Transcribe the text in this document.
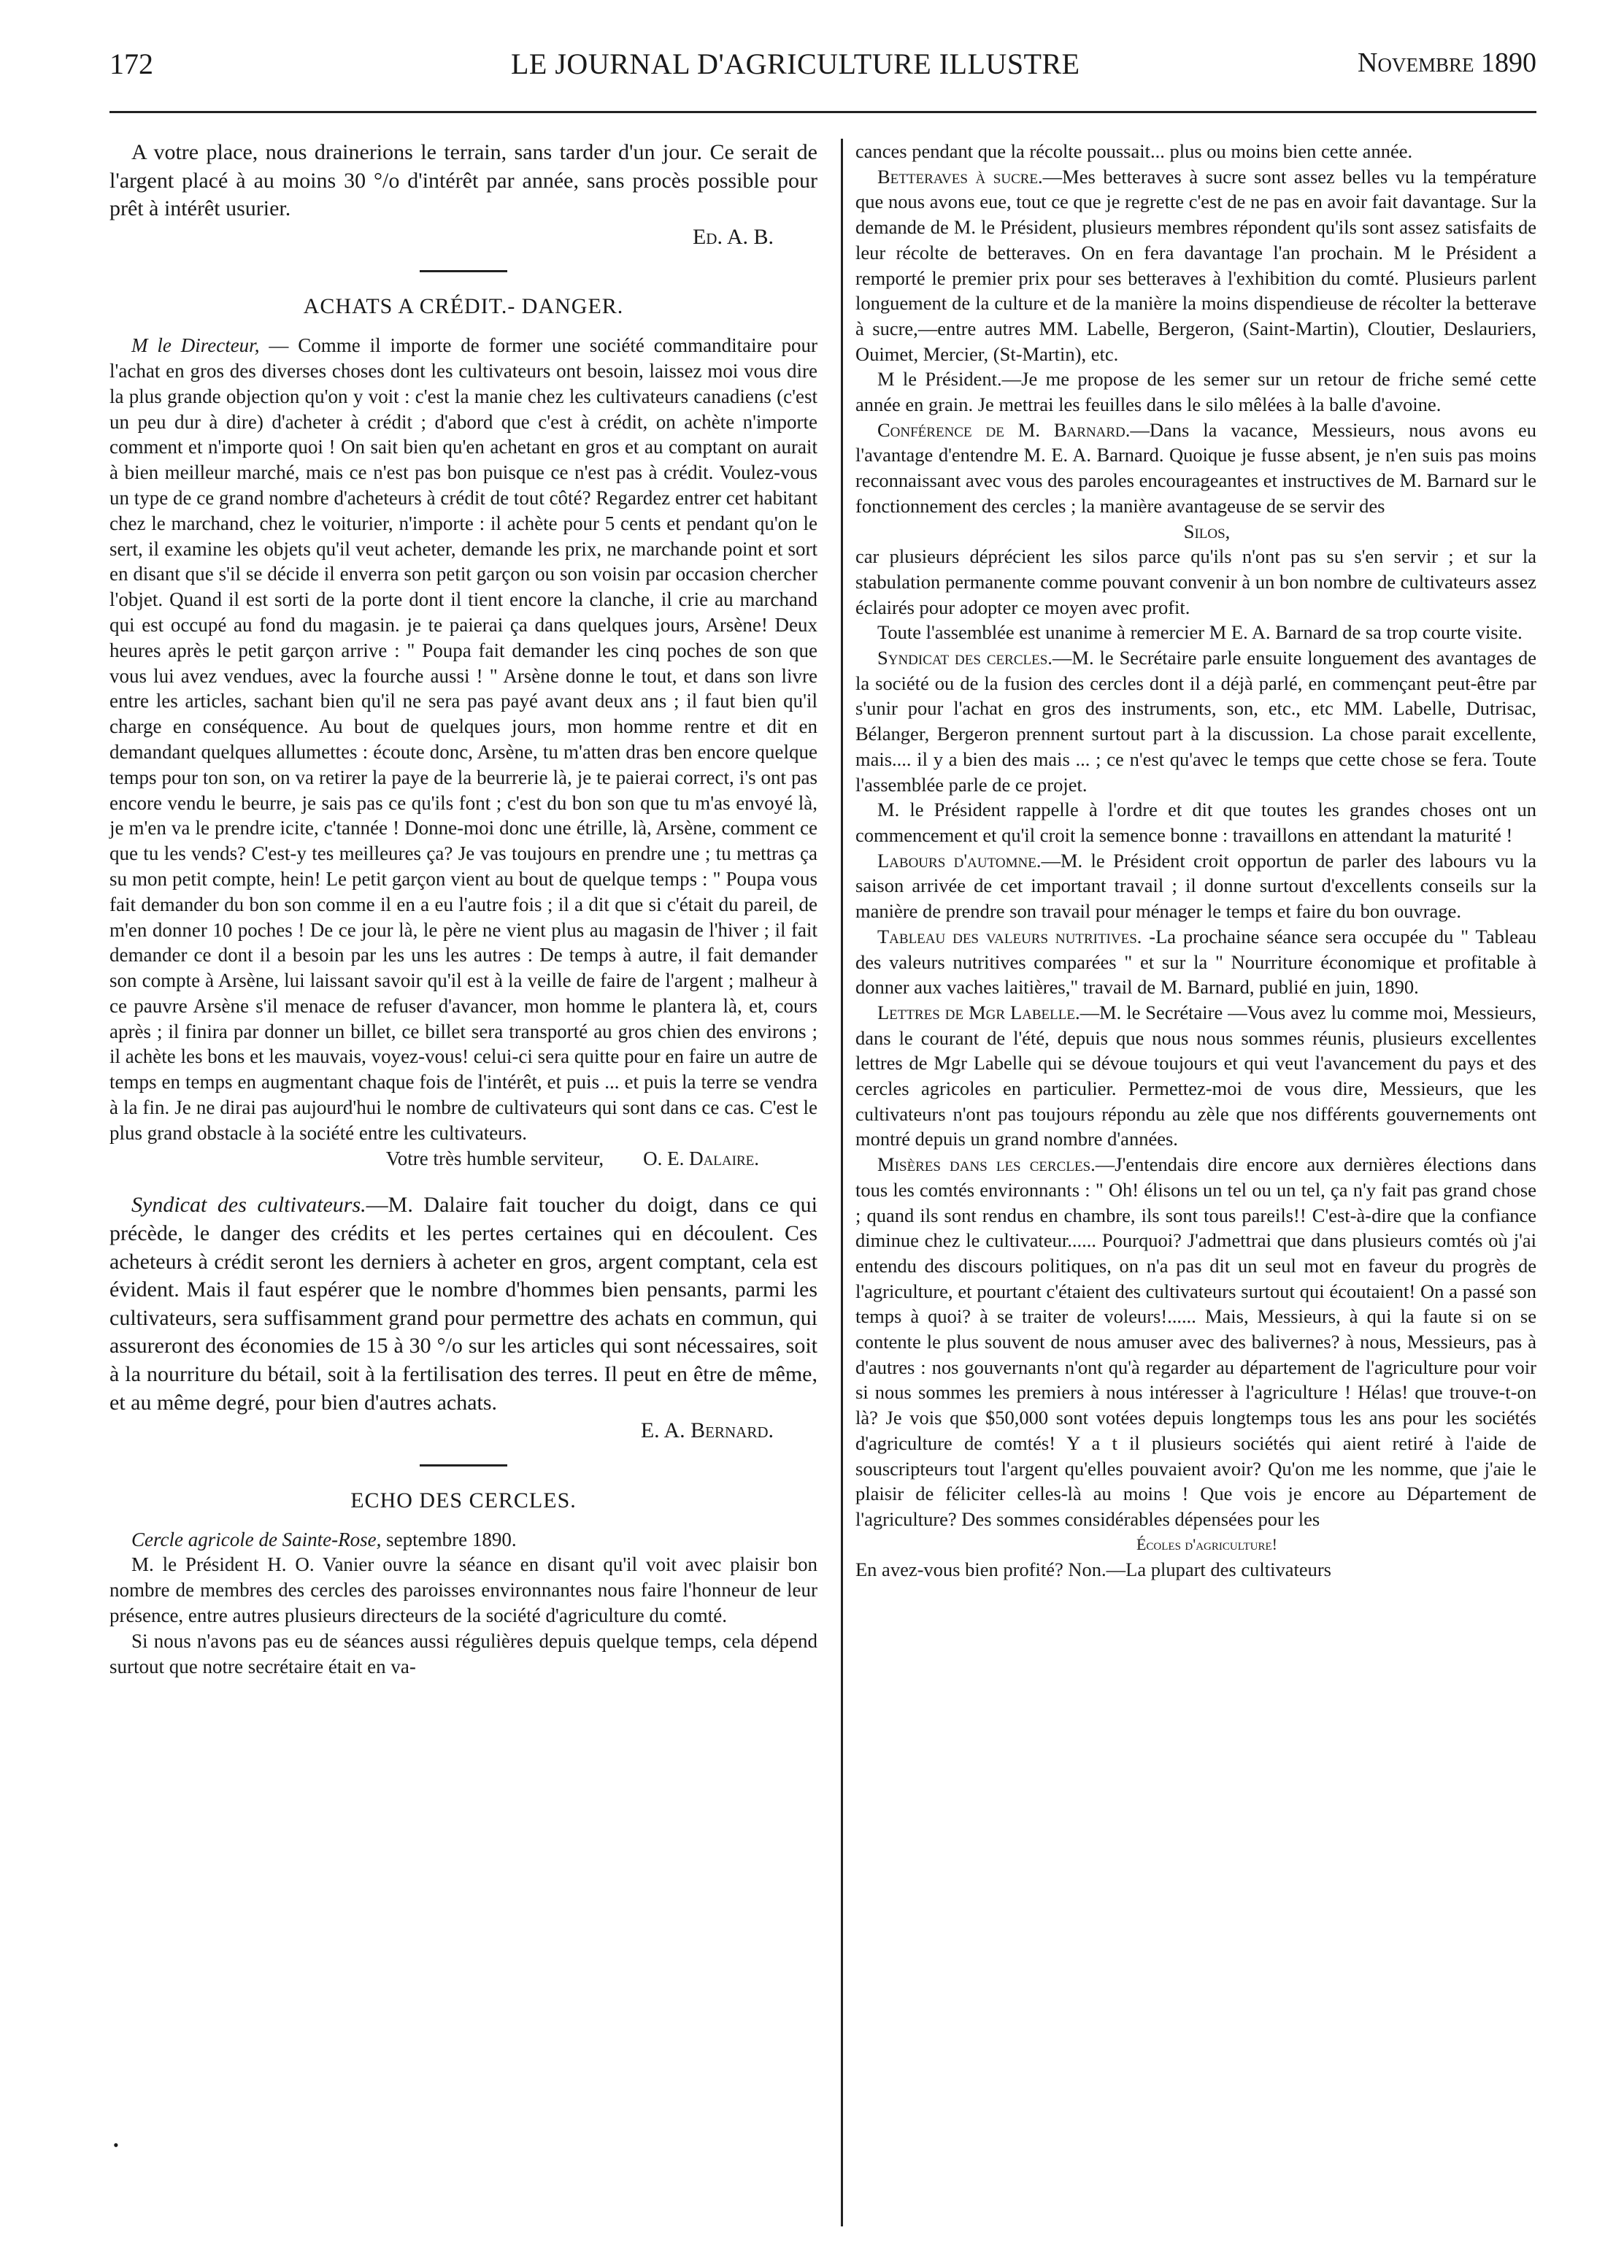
172	LE JOURNAL D'AGRICULTURE ILLUSTRE	Novembre 1890

A votre place, nous drainerions le terrain, sans tarder d'un jour. Ce serait de l'argent placé à au moins 30 °/o d'intérêt par année, sans procès possible pour prêt à intérêt usurier.

Ed. A. B.

ACHATS A CRÉDIT.- DANGER.

M le Directeur, — Comme il importe de former une société commanditaire pour l'achat en gros des diverses choses dont les cultivateurs ont besoin, laissez moi vous dire la plus grande objection qu'on y voit : c'est la manie chez les cultivateurs canadiens (c'est un peu dur à dire) d'acheter à crédit ; d'abord que c'est à crédit, on achète n'importe comment et n'importe quoi ! On sait bien qu'en achetant en gros et au comptant on aurait à bien meilleur marché, mais ce n'est pas bon puisque ce n'est pas à crédit. Voulez-vous un type de ce grand nombre d'acheteurs à crédit de tout côté? Regardez entrer cet habitant chez le marchand, chez le voiturier, n'importe : il achète pour 5 cents et pendant qu'on le sert, il examine les objets qu'il veut acheter, demande les prix, ne marchande point et sort en disant que s'il se décide il enverra son petit garçon ou son voisin par occasion chercher l'objet. Quand il est sorti de la porte dont il tient encore la clanche, il crie au marchand qui est occupé au fond du magasin. je te paierai ça dans quelques jours, Arsène! Deux heures après le petit garçon arrive : " Poupa fait demander les cinq poches de son que vous lui avez vendues, avec la fourche aussi ! " Arsène donne le tout, et dans son livre entre les articles, sachant bien qu'il ne sera pas payé avant deux ans ; il faut bien qu'il charge en conséquence. Au bout de quelques jours, mon homme rentre et dit en demandant quelques allumettes : écoute donc, Arsène, tu m'atten dras ben encore quelque temps pour ton son, on va retirer la paye de la beurrerie là, je te paierai correct, i's ont pas encore vendu le beurre, je sais pas ce qu'ils font ; c'est du bon son que tu m'as envoyé là, je m'en va le prendre icite, c'tannée ! Donne-moi donc une étrille, là, Arsène, comment ce que tu les vends? C'est-y tes meilleures ça? Je vas toujours en prendre une ; tu mettras ça su mon petit compte, hein! Le petit garçon vient au bout de quelque temps : " Poupa vous fait demander du bon son comme il en a eu l'autre fois ; il a dit que si c'était du pareil, de m'en donner 10 poches ! De ce jour là, le père ne vient plus au magasin de l'hiver ; il fait demander ce dont il a besoin par les uns les autres : De temps à autre, il fait demander son compte à Arsène, lui laissant savoir qu'il est à la veille de faire de l'argent ; malheur à ce pauvre Arsène s'il menace de refuser d'avancer, mon homme le plantera là, et, cours après ; il finira par donner un billet, ce billet sera transporté au gros chien des environs ; il achète les bons et les mauvais, voyez-vous! celui-ci sera quitte pour en faire un autre de temps en temps en augmentant chaque fois de l'intérêt, et puis ... et puis la terre se vendra à la fin. Je ne dirai pas aujourd'hui le nombre de cultivateurs qui sont dans ce cas. C'est le plus grand obstacle à la société entre les cultivateurs.

Votre très humble serviteur, O. E. Dalaire.

Syndicat des cultivateurs.—M. Dalaire fait toucher du doigt, dans ce qui précède, le danger des crédits et les pertes certaines qui en découlent. Ces acheteurs à crédit seront les derniers à acheter en gros, argent comptant, cela est évident. Mais il faut espérer que le nombre d'hommes bien pensants, parmi les cultivateurs, sera suffisamment grand pour permettre des achats en commun, qui assureront des économies de 15 à 30 °/o sur les articles qui sont nécessaires, soit à la nourriture du bétail, soit à la fertilisation des terres. Il peut en être de même, et au même degré, pour bien d'autres achats.

E. A. Bernard.

ECHO DES CERCLES.

Cercle agricole de Sainte-Rose, septembre 1890.

M. le Président H. O. Vanier ouvre la séance en disant qu'il voit avec plaisir bon nombre de membres des cercles des paroisses environnantes nous faire l'honneur de leur présence, entre autres plusieurs directeurs de la société d'agriculture du comté.

Si nous n'avons pas eu de séances aussi régulières depuis quelque temps, cela dépend surtout que notre secrétaire était en va-

cances pendant que la récolte poussait... plus ou moins bien cette année.

Betteraves à sucre.—Mes betteraves à sucre sont assez belles vu la température que nous avons eue, tout ce que je regrette c'est de ne pas en avoir fait davantage. Sur la demande de M. le Président, plusieurs membres répondent qu'ils sont assez satisfaits de leur récolte de betteraves. On en fera davantage l'an prochain. M le Président a remporté le premier prix pour ses betteraves à l'exhibition du comté. Plusieurs parlent longuement de la culture et de la manière la moins dispendieuse de récolter la betterave à sucre,—entre autres MM. Labelle, Bergeron, (Saint-Martin), Cloutier, Deslauriers, Ouimet, Mercier, (St-Martin), etc.

M le Président.—Je me propose de les semer sur un retour de friche semé cette année en grain. Je mettrai les feuilles dans le silo mêlées à la balle d'avoine.

Conférence de M. Barnard.—Dans la vacance, Messieurs, nous avons eu l'avantage d'entendre M. E. A. Barnard. Quoique je fusse absent, je n'en suis pas moins reconnaissant avec vous des paroles encourageantes et instructives de M. Barnard sur le fonctionnement des cercles ; la manière avantageuse de se servir des

Silos,

car plusieurs déprécient les silos parce qu'ils n'ont pas su s'en servir ; et sur la stabulation permanente comme pouvant convenir à un bon nombre de cultivateurs assez éclairés pour adopter ce moyen avec profit.

Toute l'assemblée est unanime à remercier M E. A. Barnard de sa trop courte visite.

Syndicat des cercles.—M. le Secrétaire parle ensuite longuement des avantages de la société ou de la fusion des cercles dont il a déjà parlé, en commençant peut-être par s'unir pour l'achat en gros des instruments, son, etc., etc MM. Labelle, Dutrisac, Bélanger, Bergeron prennent surtout part à la discussion. La chose parait excellente, mais.... il y a bien des mais ... ; ce n'est qu'avec le temps que cette chose se fera. Toute l'assemblée parle de ce projet.

M. le Président rappelle à l'ordre et dit que toutes les grandes choses ont un commencement et qu'il croit la semence bonne : travaillons en attendant la maturité !

Labours d'automne.—M. le Président croit opportun de parler des labours vu la saison arrivée de cet important travail ; il donne surtout d'excellents conseils sur la manière de prendre son travail pour ménager le temps et faire du bon ouvrage.

Tableau des valeurs nutritives. -La prochaine séance sera occupée du " Tableau des valeurs nutritives comparées " et sur la " Nourriture économique et profitable à donner aux vaches laitières," travail de M. Barnard, publié en juin, 1890.

Lettres de Mgr Labelle.—M. le Secrétaire —Vous avez lu comme moi, Messieurs, dans le courant de l'été, depuis que nous nous sommes réunis, plusieurs excellentes lettres de Mgr Labelle qui se dévoue toujours et qui veut l'avancement du pays et des cercles agricoles en particulier. Permettez-moi de vous dire, Messieurs, que les cultivateurs n'ont pas toujours répondu au zèle que nos différents gouvernements ont montré depuis un grand nombre d'années.

Misères dans les cercles.—J'entendais dire encore aux dernières élections dans tous les comtés environnants : " Oh! élisons un tel ou un tel, ça n'y fait pas grand chose ; quand ils sont rendus en chambre, ils sont tous pareils!! C'est-à-dire que la confiance diminue chez le cultivateur...... Pourquoi? J'admettrai que dans plusieurs comtés où j'ai entendu des discours politiques, on n'a pas dit un seul mot en faveur du progrès de l'agriculture, et pourtant c'étaient des cultivateurs surtout qui écoutaient! On a passé son temps à quoi? à se traiter de voleurs!...... Mais, Messieurs, à qui la faute si on se contente le plus souvent de nous amuser avec des balivernes? à nous, Messieurs, pas à d'autres : nos gouvernants n'ont qu'à regarder au département de l'agriculture pour voir si nous sommes les premiers à nous intéresser à l'agriculture ! Hélas! que trouve-t-on là? Je vois que $50,000 sont votées depuis longtemps tous les ans pour les sociétés d'agriculture de comtés! Y a t il plusieurs sociétés qui aient retiré à l'aide de souscripteurs tout l'argent qu'elles pouvaient avoir? Qu'on me les nomme, que j'aie le plaisir de féliciter celles-là au moins ! Que vois je encore au Département de l'agriculture? Des sommes considérables dépensées pour les

Écoles d'agriculture!

En avez-vous bien profité? Non.—La plupart des cultivateurs

•
